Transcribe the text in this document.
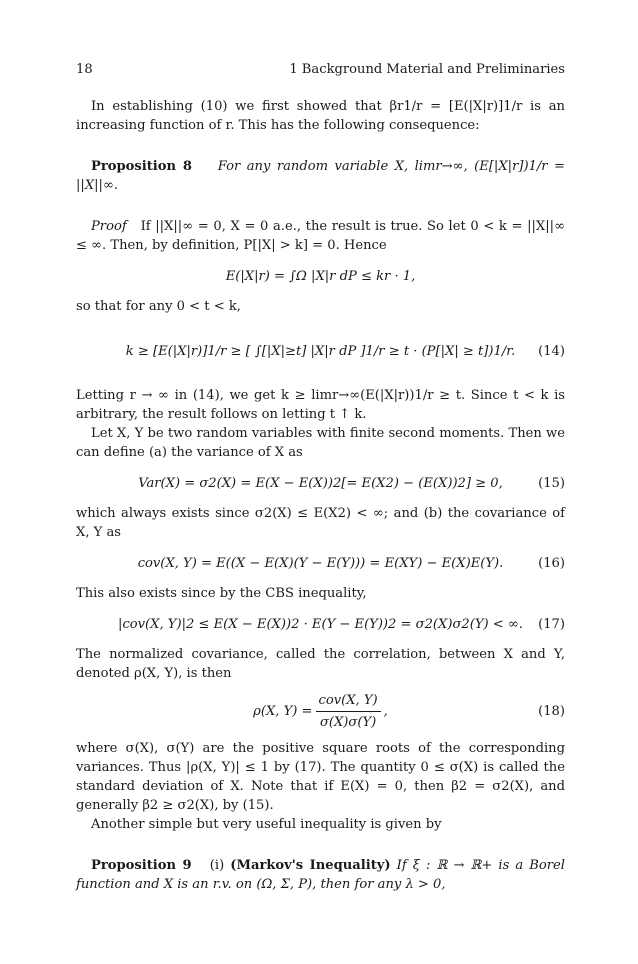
18	1 Background Material and Preliminaries

In establishing (10) we first showed that βr1/r = [E(|X|r)]1/r is an increasing function of r. This has the following consequence:

Proposition 8 For any random variable X, limr→∞, (E[|X|r])1/r = ||X||∞.

Proof If ||X||∞ = 0, X = 0 a.e., the result is true. So let 0 < k = ||X||∞ ≤ ∞. Then, by definition, P[|X| > k] = 0. Hence

E(|X|r) = ∫Ω |X|r dP ≤ kr · 1,

so that for any 0 < t < k,

k ≥ [E(|X|r)]1/r ≥ [ ∫[|X|≥t] |X|r dP ]1/r ≥ t · (P[|X| ≥ t])1/r. (14)

Letting r → ∞ in (14), we get k ≥ limr→∞(E(|X|r))1/r ≥ t. Since t < k is arbitrary, the result follows on letting t ↑ k.

Let X, Y be two random variables with finite second moments. Then we can define (a) the variance of X as

Var(X) = σ2(X) = E(X − E(X))2[= E(X2) − (E(X))2] ≥ 0,	(15)

which always exists since σ2(X) ≤ E(X2) < ∞; and (b) the covariance of X, Y as

cov(X, Y) = E((X − E(X)(Y − E(Y))) = E(XY) − E(X)E(Y).	(16)

This also exists since by the CBS inequality,

|cov(X, Y)|2 ≤ E(X − E(X))2 · E(Y − E(Y))2 = σ2(X)σ2(Y) < ∞. (17)

The normalized covariance, called the correlation, between X and Y, denoted ρ(X, Y), is then

ρ(X, $Y) = \frac{\text{cov(X, Y)}}{\sigma(X)\sigma(Y)}$ ,	(18)

where σ(X), σ(Y) are the positive square roots of the corresponding variances. Thus |ρ(X, Y)| ≤ 1 by (17). The quantity 0 ≤ σ(X) is called the standard deviation of X. Note that if E(X) = 0, then β2 = σ2(X), and generally β2 ≥ σ2(X), by (15).

Another simple but very useful inequality is given by

Proposition 9 (i) (Markov's Inequality) If ξ : ℝ → ℝ+ is a Borel function and X is an r.v. on (Ω, Σ, P), then for any λ > 0,
